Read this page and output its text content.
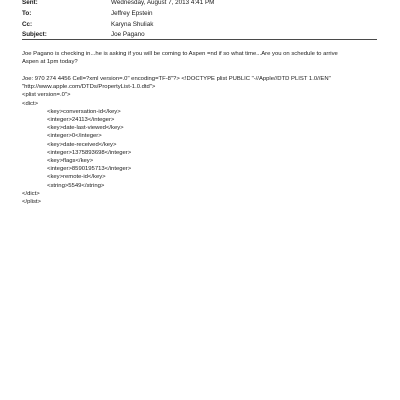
Sent:	Wednesday, August 7, 2013 4:41 PM
To:	Jeffrey Epstein
Cc:	Karyna Shuliak
Subject:	Joe Pagano
Joe Pagano is checking in...he is asking if you will be coming to Aspen =nd if so what time...Are you on schedule to arrive
Aspen at 1pm today?
Joe: 970 274 4456 Cell=?xml version=.0" encoding=TF-8"?> <!DOCTYPE plist PUBLIC "-//Apple//DTD PLIST 1.0//EN"
"http://www.apple.com/DTDs/PropertyList-1.0.dtd">
<plist version=.0">
<dict>
<key>conversation-id</key>
<integer>24113</integer>
<key>date-last-viewed</key>
<integer>0</integer>
<key>date-received</key>
<integer>1375893698</integer>
<key>flags</key>
<integer>8590195713</integer>
<key>remote-id</key>
<string>5549</string>
</dict>
</plist>
